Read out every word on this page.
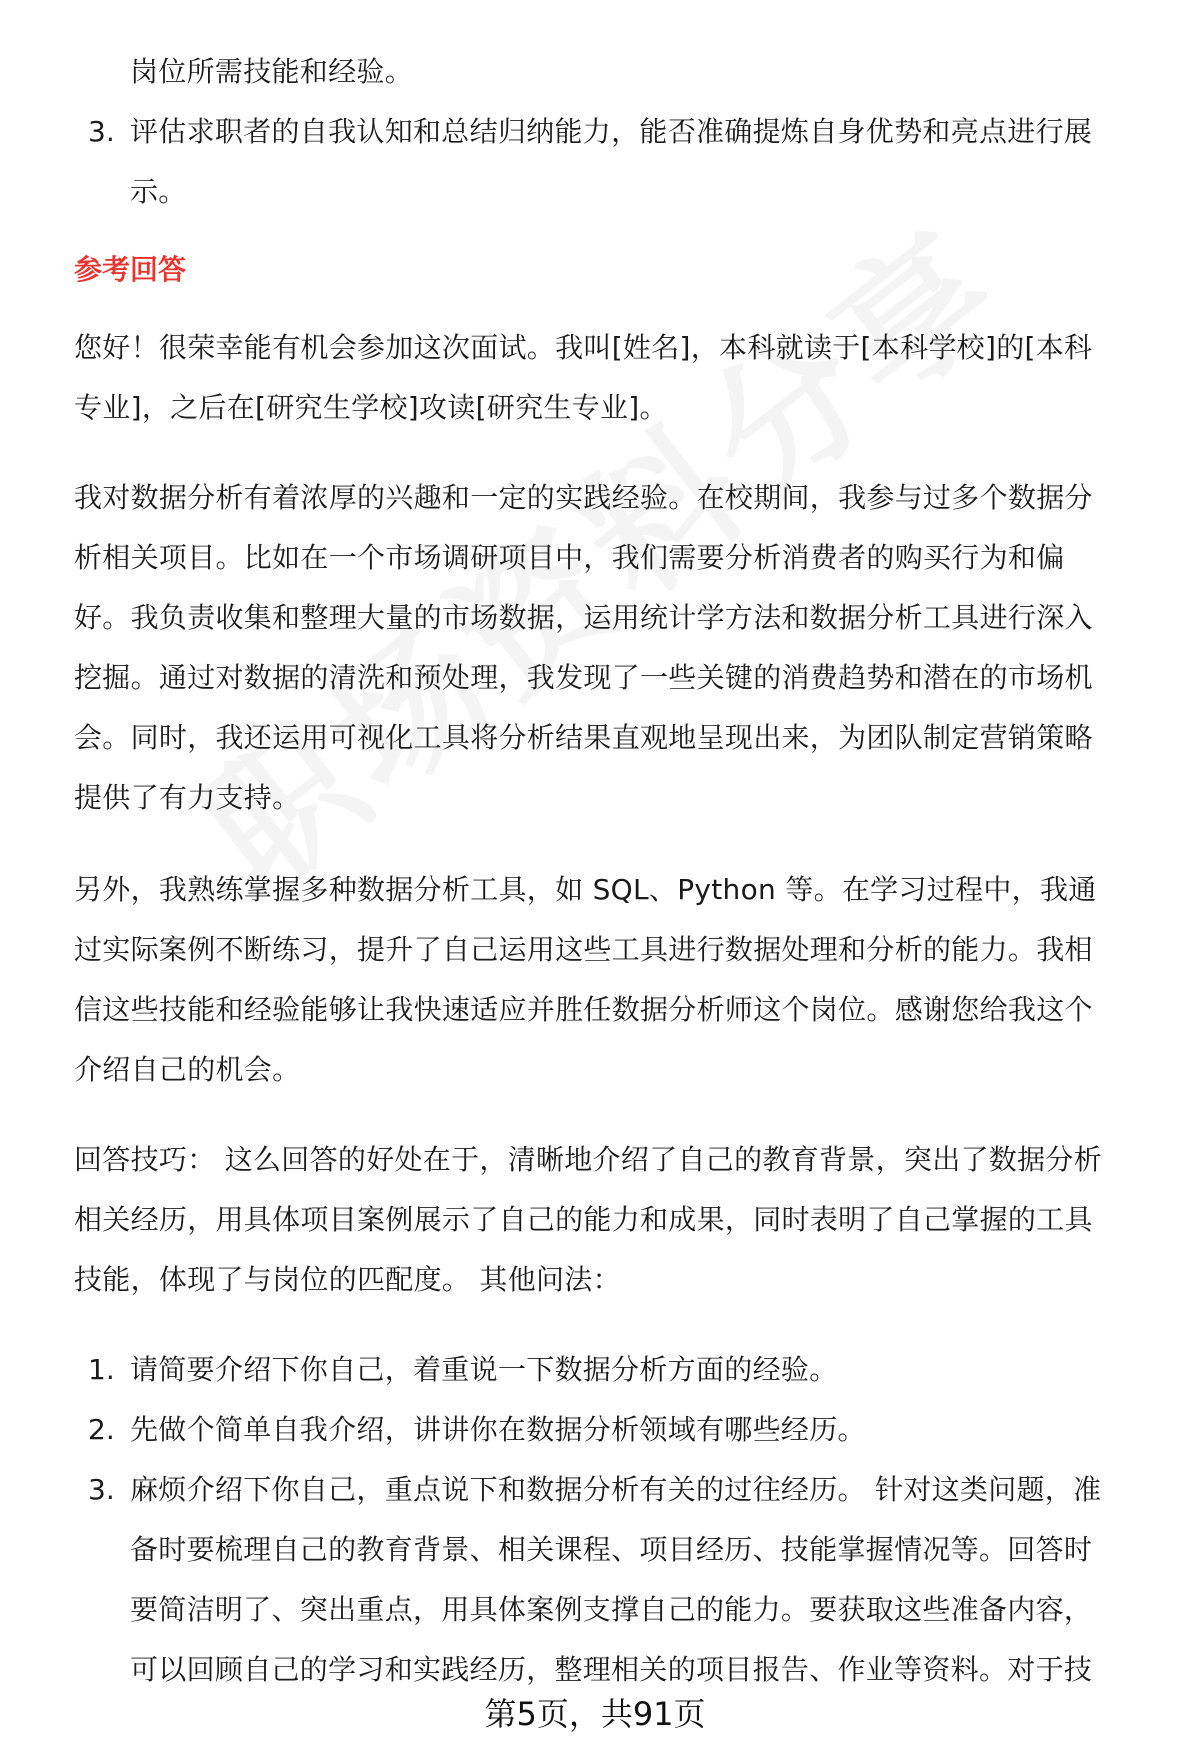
岗位所需技能和经验。
3. 评估求职者的自我认知和总结归纳能力，能否准确提炼自身优势和亮点进行展
示。
参考回答
您好！很荣幸能有机会参加这次面试。我叫[姓名]，本科就读于[本科学校]的[本科
专业]，之后在[研究生学校]攻读[研究生专业]。
我对数据分析有着浓厚的兴趣和一定的实践经验。在校期间，我参与过多个数据分
析相关项目。比如在一个市场调研项目中，我们需要分析消费者的购买行为和偏
好。我负责收集和整理大量的市场数据，运用统计学方法和数据分析工具进行深入
挖掘。通过对数据的清洗和预处理，我发现了一些关键的消费趋势和潜在的市场机
会。同时，我还运用可视化工具将分析结果直观地呈现出来，为团队制定营销策略
提供了有力支持。
另外，我熟练掌握多种数据分析工具，如 SQL、Python 等。在学习过程中，我通
过实际案例不断练习，提升了自己运用这些工具进行数据处理和分析的能力。我相
信这些技能和经验能够让我快速适应并胜任数据分析师这个岗位。感谢您给我这个
介绍自己的机会。
回答技巧： 这么回答的好处在于，清晰地介绍了自己的教育背景，突出了数据分析
相关经历，用具体项目案例展示了自己的能力和成果，同时表明了自己掌握的工具
技能，体现了与岗位的匹配度。 其他问法：
1. 请简要介绍下你自己，着重说一下数据分析方面的经验。
2. 先做个简单自我介绍，讲讲你在数据分析领域有哪些经历。
3. 麻烦介绍下你自己，重点说下和数据分析有关的过往经历。 针对这类问题，准
备时要梳理自己的教育背景、相关课程、项目经历、技能掌握情况等。回答时
要简洁明了、突出重点，用具体案例支撑自己的能力。要获取这些准备内容，
可以回顾自己的学习和实践经历，整理相关的项目报告、作业等资料。对于技
第5页，共91页
